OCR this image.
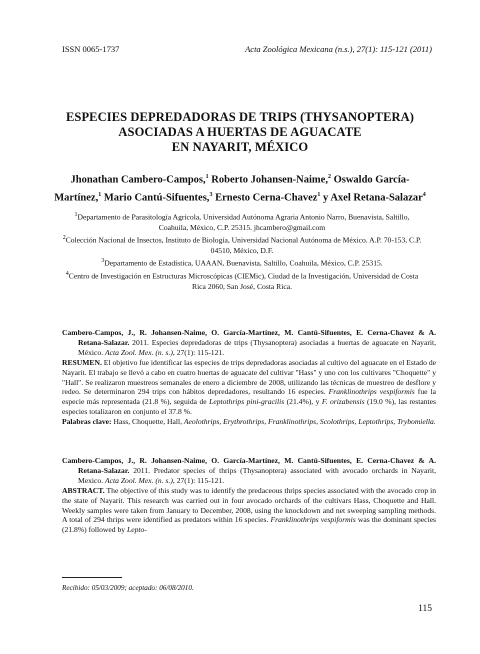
ISSN 0065-1737	Acta Zoológica Mexicana (n.s.), 27(1): 115-121 (2011)
ESPECIES DEPREDADORAS DE TRIPS (THYSANOPTERA)
ASOCIADAS A HUERTAS DE AGUACATE
EN NAYARIT, MÉXICO
Jhonathan Cambero-Campos,$^1$ Roberto Johansen-Naime,$^2$ Oswaldo García-Martínez,$^1$ Mario Cantú-Sifuentes,$^3$ Ernesto Cerna-Chavez$^1$ y Axel Retana-Salazar$^4$

$^1$Departamento de Parasitología Agrícola, Universidad Autónoma Agraria Antonio Narro, Buenavista, Saltillo, Coahuila, México, C.P. 25315. jhcambero@gmail.com

$^2$Colección Nacional de Insectos, Instituto de Biología, Universidad Nacional Autónoma de México. A.P. 70-153, C.P. 04510, México, D.F.

$^3$Departamento de Estadística, UAAAN, Buenavista, Saltillo, Coahuila, México, C.P. 25315.

$^4$Centro de Investigación en Estructuras Microscópicas (CIEMic), Ciudad de la Investigación, Universidad de Costa Rica 2060, San José, Costa Rica.

Cambero-Campos, J., R. Johansen-Naime, O. García-Martínez, M. Cantú-Sifuentes, E. Cerna-Chavez & A. Retana-Salazar. 2011. Especies depredadoras de trips (Thysanoptera) asociadas a huertas de aguacate en Nayarit, México. Acta Zool. Mex. (n. s.), 27(1): 115-121.

RESUMEN. El objetivo fue identificar las especies de trips depredadoras asociadas al cultivo del aguacate en el Estado de Nayarit. El trabajo se llevó a cabo en cuatro huertas de aguacate del cultivar "Hass" y uno con los cultivares "Choquette" y "Hall". Se realizaron muestreos semanales de enero a diciembre de 2008, utilizando las técnicas de muestreo de desflore y redeo. Se determinaron 294 trips con hábitos depredadores, resultando 16 especies. Franklinothrips vespiformis fue la especie más representada (21.8 %), seguida de Leptothrips pini-gracilis (21.4%), y F. orizabensis (19.0 %), las restantes especies totalizaron en conjunto el 37.8 %.

Palabras clave: Hass, Choquette, Hall, Aeolothrips, Erythrothrips, Franklinothrips, Scolothrips, Leptothrips, Trybomiella.

Cambero-Campos, J., R. Johansen-Naime, O. García-Martínez, M. Cantú-Sifuentes, E. Cerna-Chavez & A. Retana-Salazar. 2011. Predator species of thrips (Thysanoptera) associated with avocado orchards in Nayarit, Mexico. Acta Zool. Mex. (n. s.), 27(1): 115-121.

ABSTRACT. The objective of this study was to identify the predaceous thrips species associated with the avocado crop in the state of Nayarit. This research was carried out in four avocado orchards of the cultivars Hass, Choquette and Hall. Weekly samples were taken from January to December, 2008, using the knockdown and net sweeping sampling methods. A total of 294 thrips were identified as predators within 16 species. Franklinothrips vespiformis was the dominant species (21.8%) followed by Lepto-

Recibido: 05/03/2009; aceptado: 06/08/2010.
115
